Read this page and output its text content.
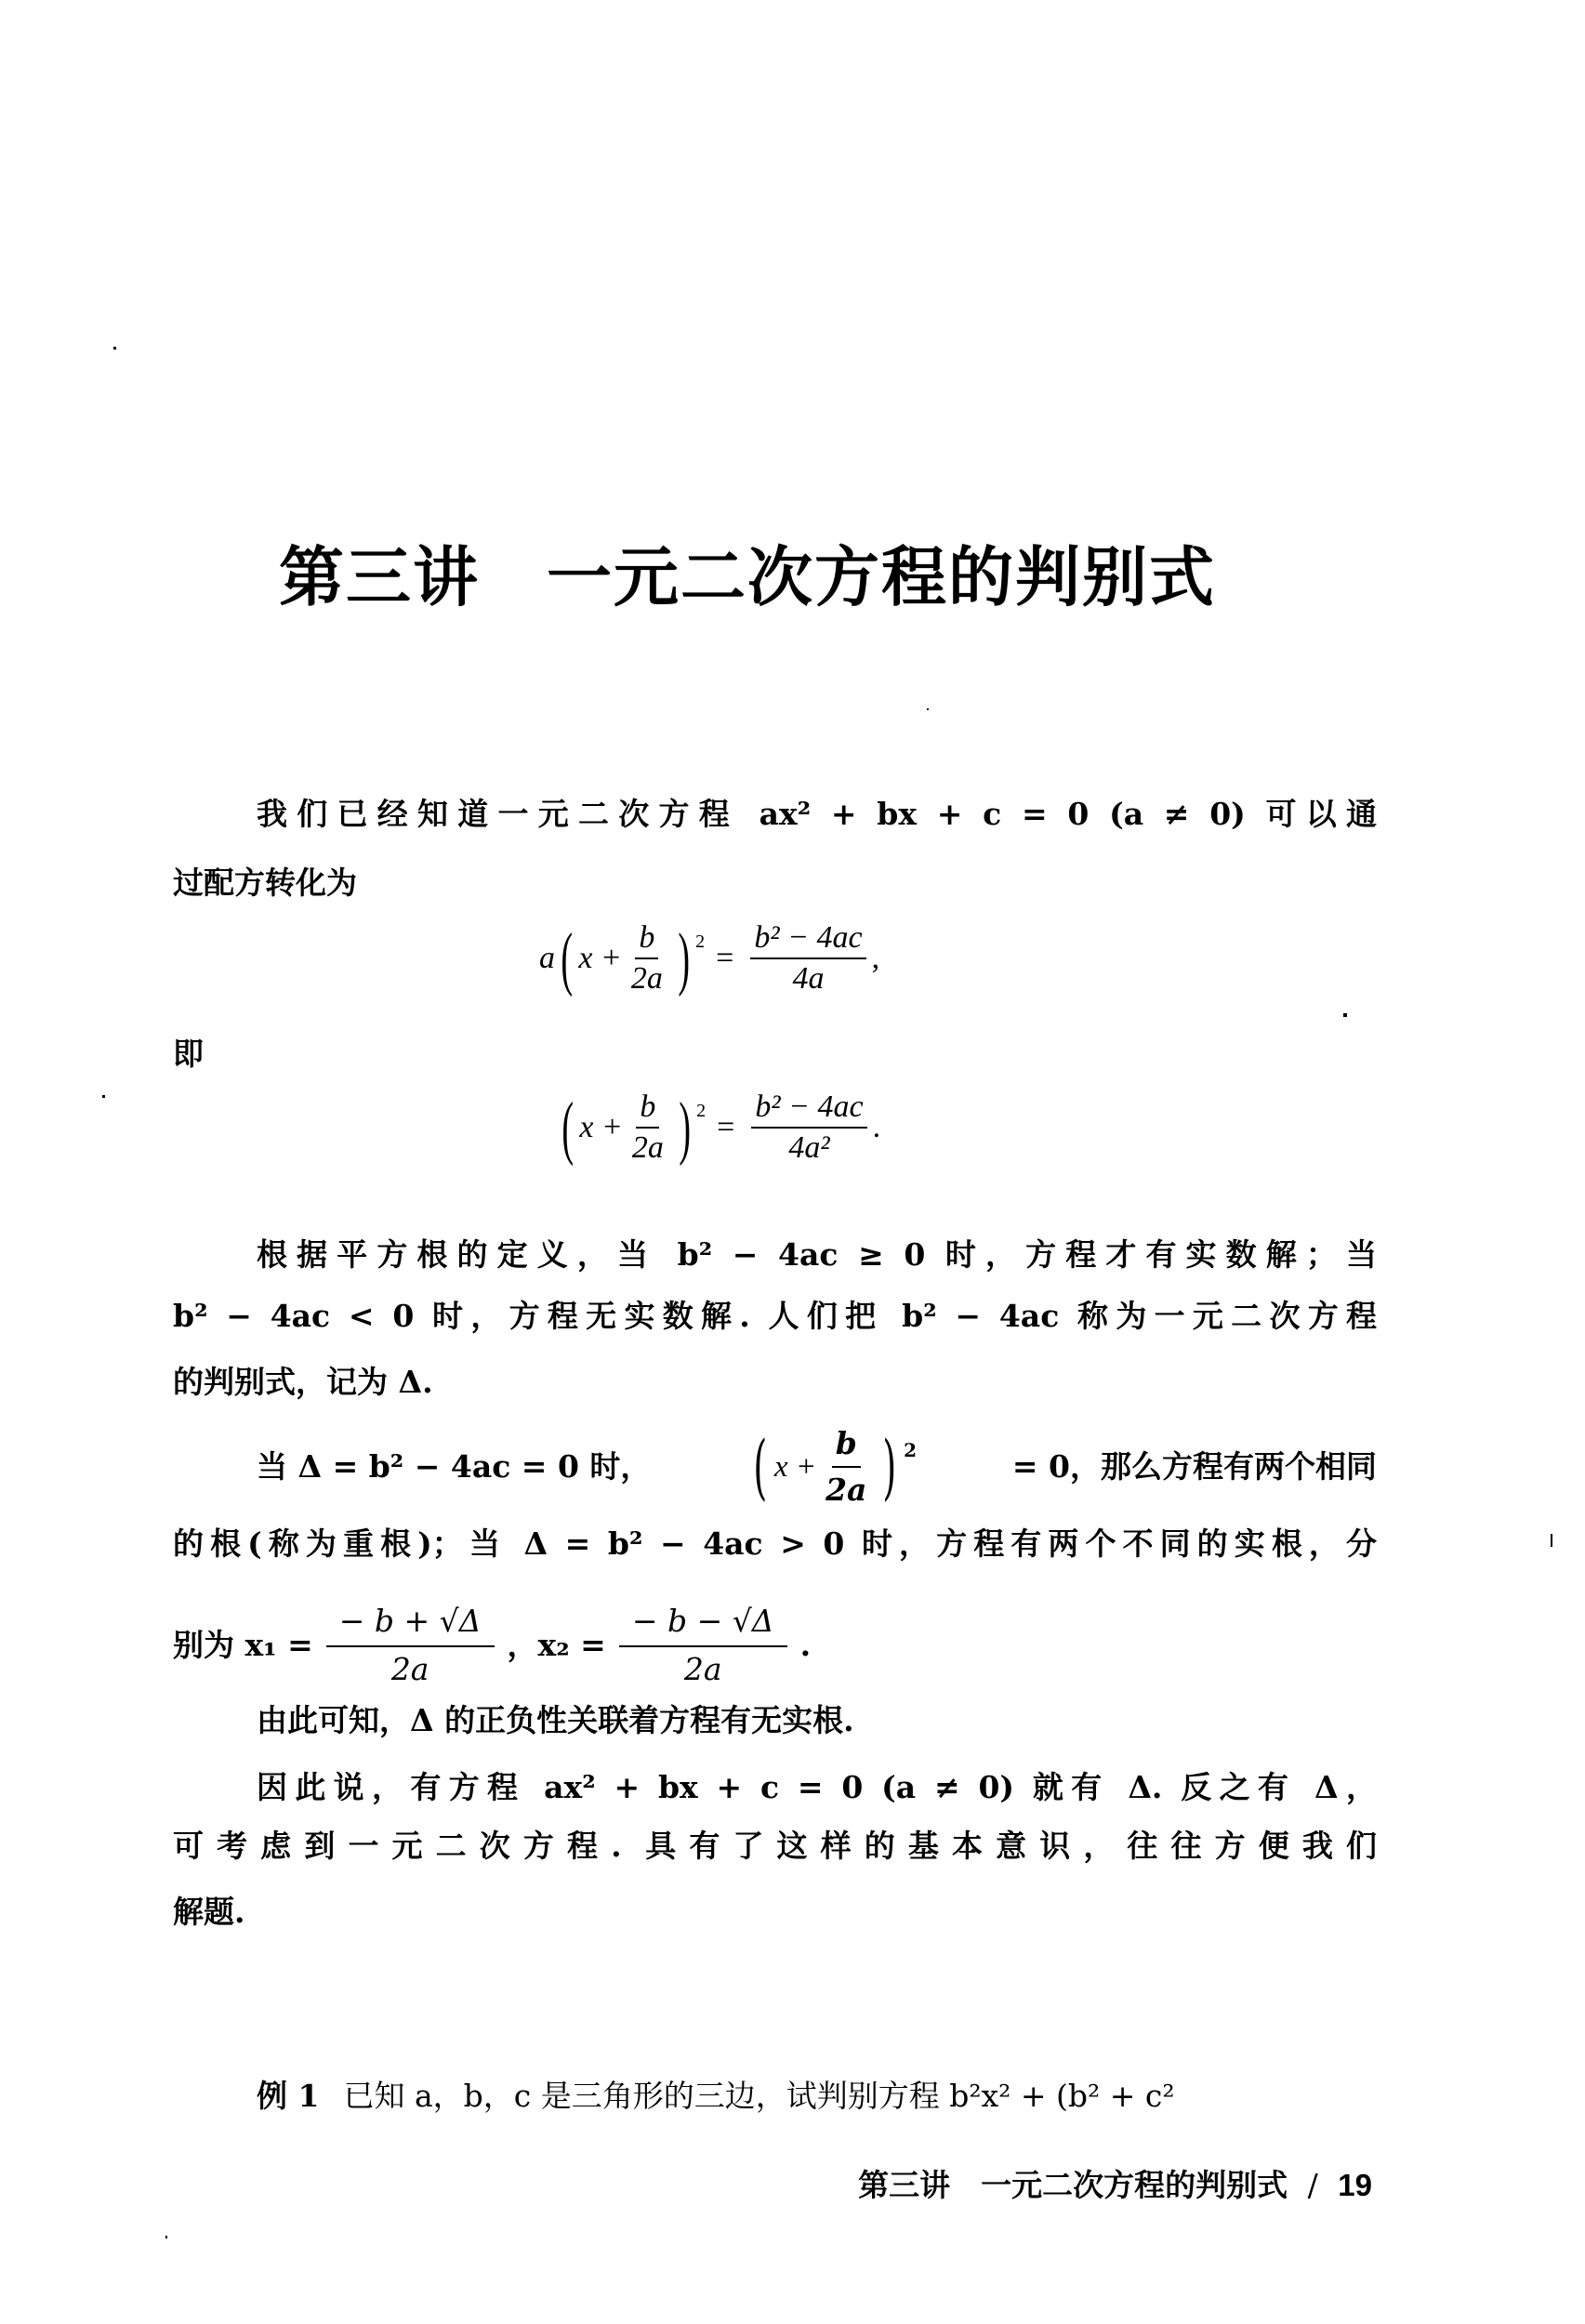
第三讲　一元二次方程的判别式
我们已经知道一元二次方程 ax² + bx + c = 0 (a ≠ 0) 可以通
过配方转化为
a ( $x + \frac{b}{2a}$ ) $2 = \frac{\text{b² − 4ac}}{4a}$ ,
即
( $x + \frac{b}{2a}$ ) $2 = \frac{\text{b² − 4ac}}{\text{4a²}}$ .
根据平方根的定义，当 b² − 4ac ≥ 0 时，方程才有实数解；当
b² − 4ac < 0 时，方程无实数解. 人们把 b² − 4ac 称为一元二次方程
的判别式，记为 Δ.
当 Δ = b² − 4ac = 0 时， ( $x + \frac{b}{2a}$ ) 2	= 0，那么方程有两个相同
的根(称为重根)；当 Δ = b² − 4ac > 0 时，方程有两个不同的实根，分
别为 $x_1 = \frac{- b + √\Delta}{2a}$ ，$x_2 = \frac{- b - √\Delta}{2a}$ .
由此可知，Δ 的正负性关联着方程有无实根.
因此说，有方程 ax² + bx + c = 0 (a ≠ 0) 就有 Δ. 反之有 Δ，
可考虑到一元二次方程. 具有了这样的基本意识，往往方便我们
解题.
例 1 已知 a，b，c 是三角形的三边，试判别方程 b²x² + (b² + c²
第三讲　一元二次方程的判别式 / 19
